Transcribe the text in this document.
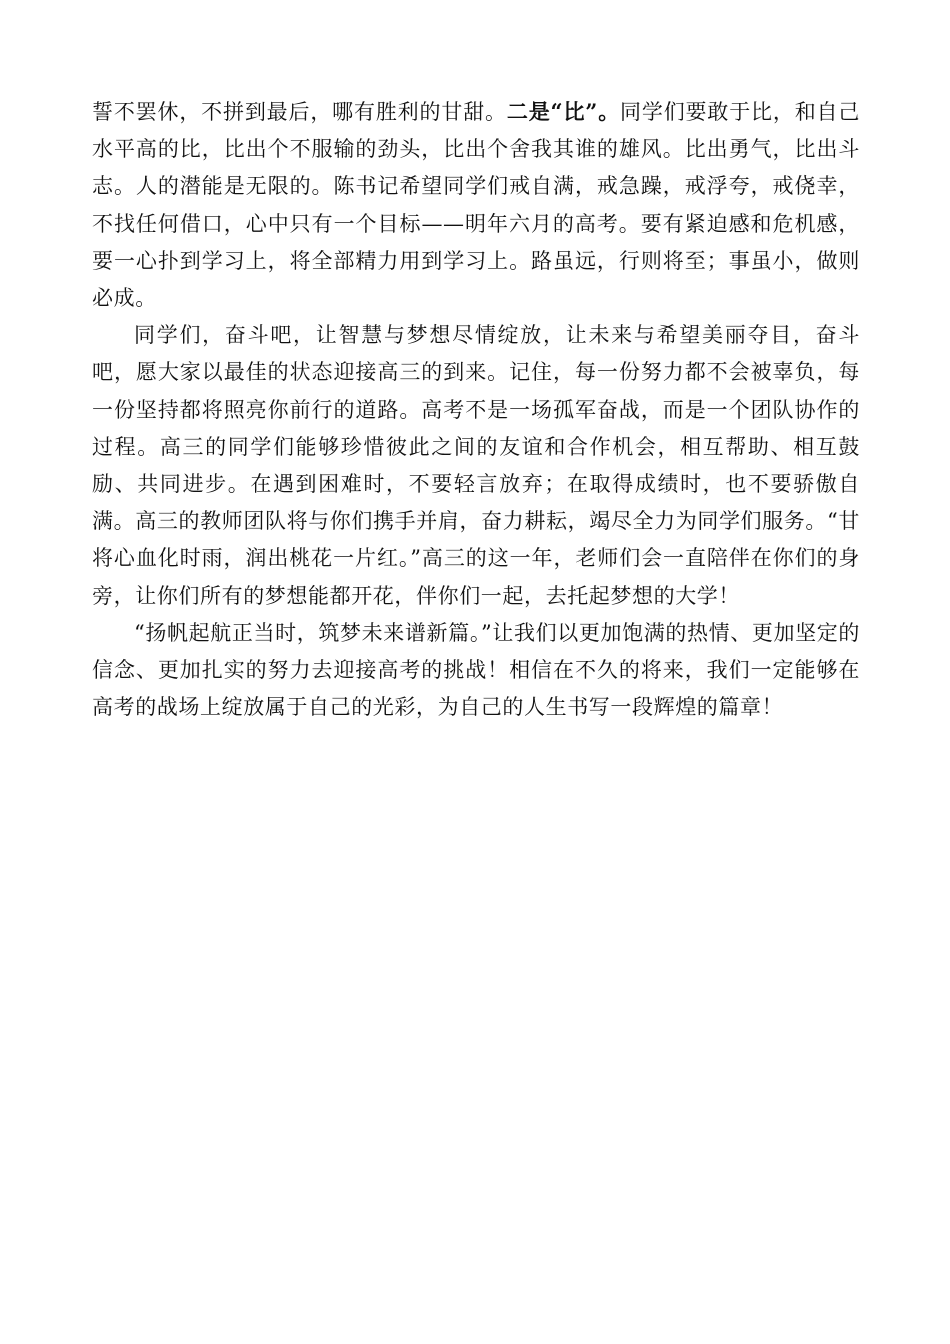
誓不罢休，不拼到最后，哪有胜利的甘甜。二是“比”。同学们要敢于比，和自己水平高的比，比出个不服输的劲头，比出个舍我其谁的雄风。比出勇气，比出斗志。人的潜能是无限的。陈书记希望同学们戒自满，戒急躁，戒浮夸，戒侥幸，不找任何借口，心中只有一个目标——明年六月的高考。要有紧迫感和危机感，要一心扑到学习上，将全部精力用到学习上。路虽远，行则将至；事虽小，做则必成。

同学们，奋斗吧，让智慧与梦想尽情绽放，让未来与希望美丽夺目，奋斗吧，愿大家以最佳的状态迎接高三的到来。记住，每一份努力都不会被辜负，每一份坚持都将照亮你前行的道路。高考不是一场孤军奋战，而是一个团队协作的过程。高三的同学们能够珍惜彼此之间的友谊和合作机会，相互帮助、相互鼓励、共同进步。在遇到困难时，不要轻言放弃；在取得成绩时，也不要骄傲自满。高三的教师团队将与你们携手并肩，奋力耕耘，竭尽全力为同学们服务。“甘将心血化时雨，润出桃花一片红。”高三的这一年，老师们会一直陪伴在你们的身旁，让你们所有的梦想能都开花，伴你们一起，去托起梦想的大学！

“扬帆起航正当时，筑梦未来谱新篇。”让我们以更加饱满的热情、更加坚定的信念、更加扎实的努力去迎接高考的挑战！相信在不久的将来，我们一定能够在高考的战场上绽放属于自己的光彩，为自己的人生书写一段辉煌的篇章！
